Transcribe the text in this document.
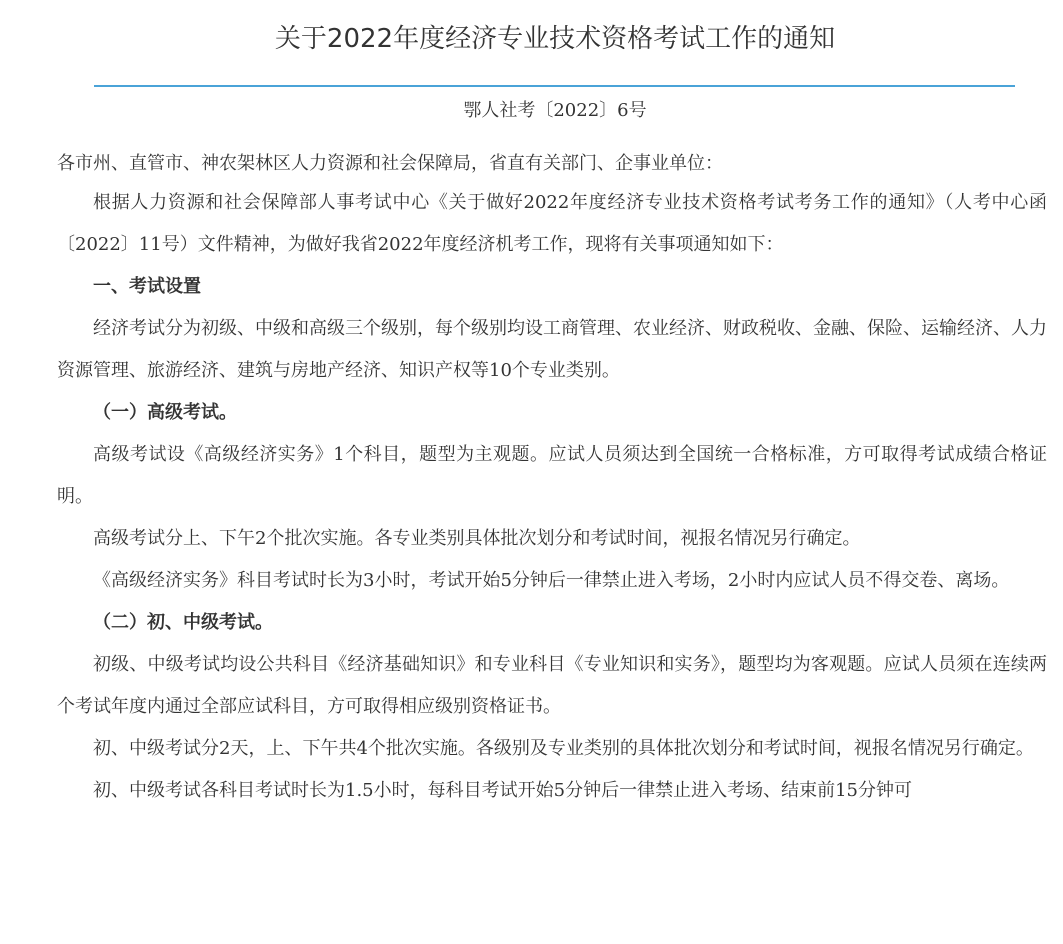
关于2022年度经济专业技术资格考试工作的通知
鄂人社考〔2022〕6号

各市州、直管市、神农架林区人力资源和社会保障局，省直有关部门、企事业单位：

根据人力资源和社会保障部人事考试中心《关于做好2022年度经济专业技术资格考试考务工作的通知》（人考中心函〔2022〕11号）文件精神，为做好我省2022年度经济机考工作，现将有关事项通知如下：

一、考试设置

经济考试分为初级、中级和高级三个级别，每个级别均设工商管理、农业经济、财政税收、金融、保险、运输经济、人力资源管理、旅游经济、建筑与房地产经济、知识产权等10个专业类别。

（一）高级考试。

高级考试设《高级经济实务》1个科目，题型为主观题。应试人员须达到全国统一合格标准，方可取得考试成绩合格证明。

高级考试分上、下午2个批次实施。各专业类别具体批次划分和考试时间，视报名情况另行确定。

《高级经济实务》科目考试时长为3小时，考试开始5分钟后一律禁止进入考场，2小时内应试人员不得交卷、离场。

（二）初、中级考试。

初级、中级考试均设公共科目《经济基础知识》和专业科目《专业知识和实务》，题型均为客观题。应试人员须在连续两个考试年度内通过全部应试科目，方可取得相应级别资格证书。

初、中级考试分2天，上、下午共4个批次实施。各级别及专业类别的具体批次划分和考试时间，视报名情况另行确定。

初、中级考试各科目考试时长为1.5小时，每科目考试开始5分钟后一律禁止进入考场、结束前15分钟可
